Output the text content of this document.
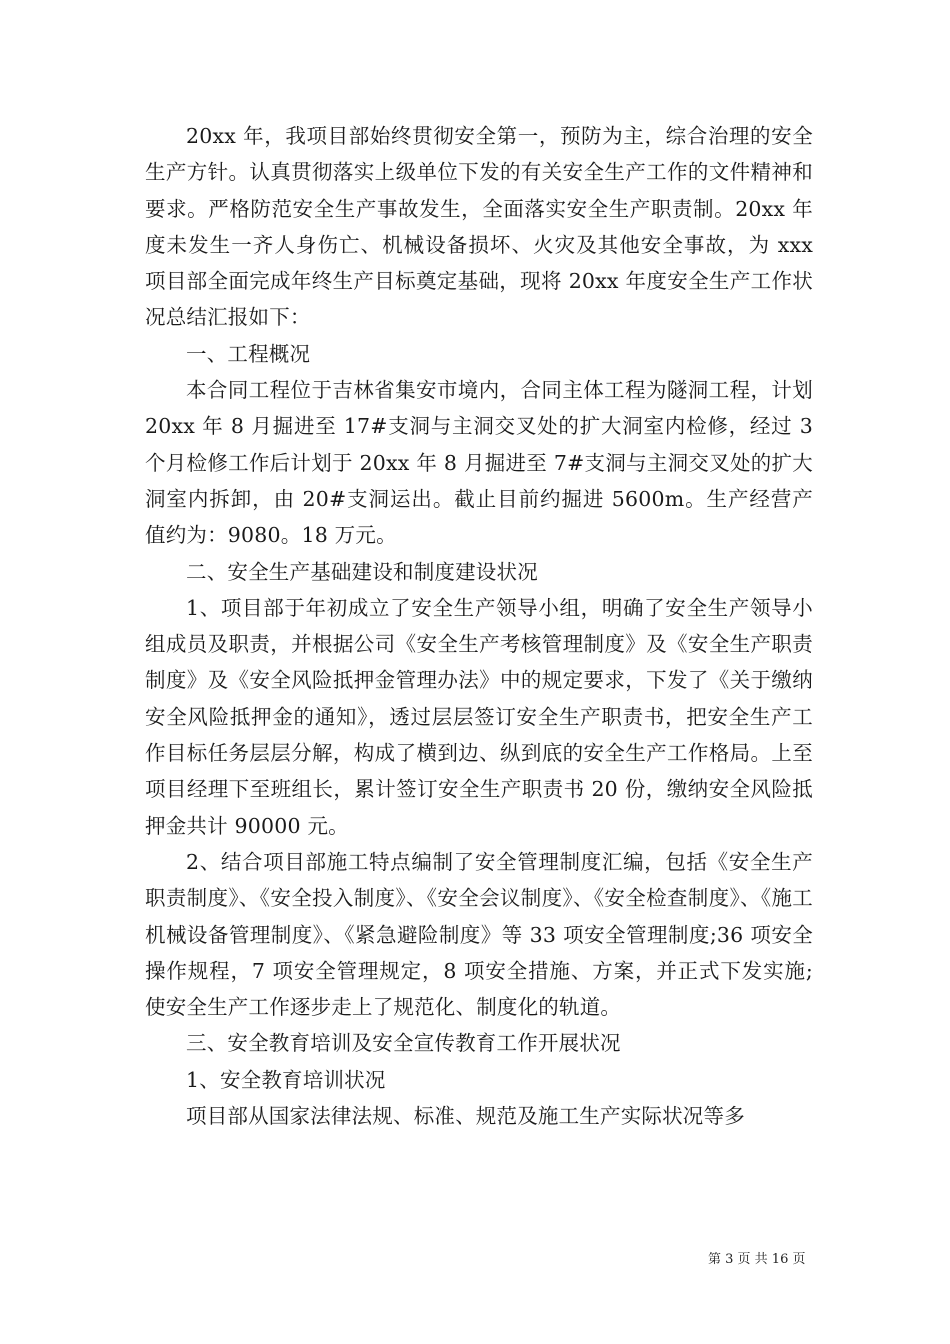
20xx 年，我项目部始终贯彻安全第一，预防为主，综合治理的安全生产方针。认真贯彻落实上级单位下发的有关安全生产工作的文件精神和要求。严格防范安全生产事故发生，全面落实安全生产职责制。20xx 年度未发生一齐人身伤亡、机械设备损坏、火灾及其他安全事故，为 xxx 项目部全面完成年终生产目标奠定基础，现将 20xx 年度安全生产工作状况总结汇报如下：

一、工程概况

本合同工程位于吉林省集安市境内，合同主体工程为隧洞工程，计划 20xx 年 8 月掘进至 17#支洞与主洞交叉处的扩大洞室内检修，经过 3 个月检修工作后计划于 20xx 年 8 月掘进至 7#支洞与主洞交叉处的扩大洞室内拆卸，由 20#支洞运出。截止目前约掘进 5600m。生产经营产值约为：9080。18 万元。

二、安全生产基础建设和制度建设状况

1、项目部于年初成立了安全生产领导小组，明确了安全生产领导小组成员及职责，并根据公司《安全生产考核管理制度》及《安全生产职责制度》及《安全风险抵押金管理办法》中的规定要求，下发了《关于缴纳安全风险抵押金的通知》，透过层层签订安全生产职责书，把安全生产工作目标任务层层分解，构成了横到边、纵到底的安全生产工作格局。上至项目经理下至班组长，累计签订安全生产职责书 20 份，缴纳安全风险抵押金共计 90000 元。

2、结合项目部施工特点编制了安全管理制度汇编，包括《安全生产职责制度》、《安全投入制度》、《安全会议制度》、《安全检查制度》、《施工机械设备管理制度》、《紧急避险制度》等 33 项安全管理制度;36 项安全操作规程，7 项安全管理规定，8 项安全措施、方案，并正式下发实施;使安全生产工作逐步走上了规范化、制度化的轨道。

三、安全教育培训及安全宣传教育工作开展状况

1、安全教育培训状况

项目部从国家法律法规、标准、规范及施工生产实际状况等多

第 3 页 共 16 页
